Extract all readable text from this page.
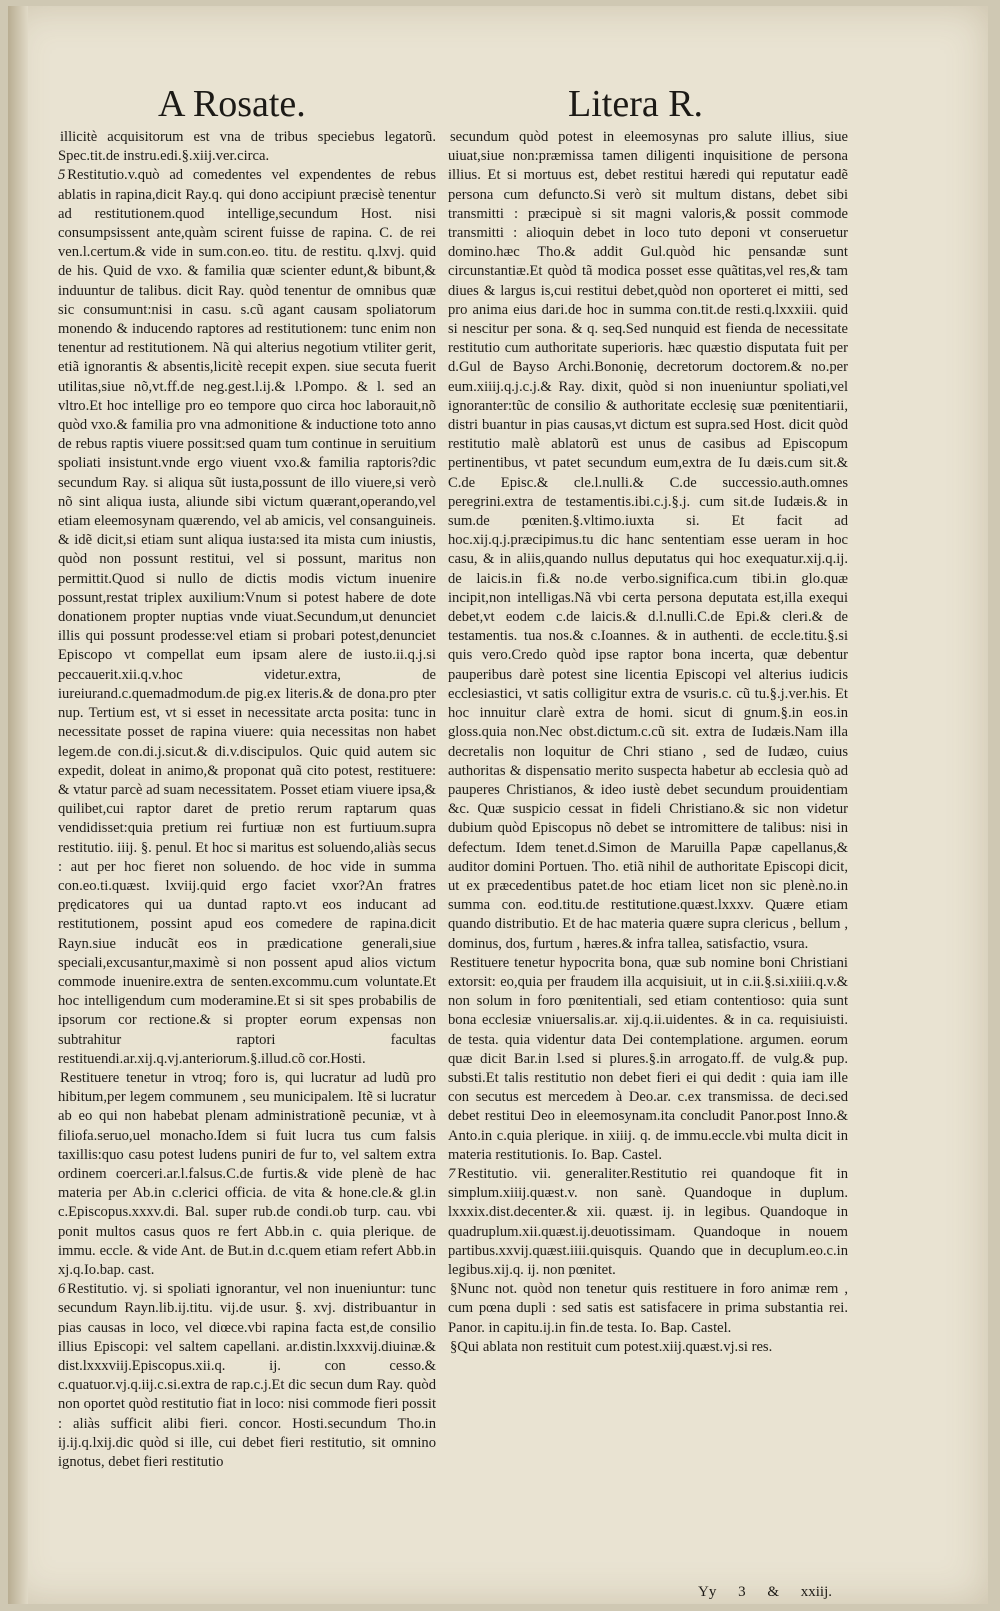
A Rosate.	Litera R.

illicitè acquisitorum est vna de tribus speciebus legatorũ. Spec.tit.de instru.edi.§.xiij.ver.circa.

5 Restitutio.v.quò ad comedentes vel expendentes de rebus ablatis in rapina,dicit Ray.q. qui dono accipiunt præcisè tenentur ad restitutionem.quod intellige,secundum Host. nisi consumpsissent ante,quàm scirent fuisse de rapina. C. de rei ven.l.certum.& vide in sum.con.eo. titu. de restitu. q.lxvj. quid de his. Quid de vxo. & familia quæ scienter edunt,& bibunt,& induuntur de talibus. dicit Ray. quòd tenentur de omnibus quæ sic consumunt:nisi in casu. s.cũ agant causam spoliatorum monendo & inducendo raptores ad restitutionem: tunc enim non tenentur ad restitutionem. Nã qui alterius negotium vtiliter gerit, etiã ignorantis & absentis,licitè recepit expen. siue secuta fuerit utilitas,siue nõ,vt.ff.de neg.gest.l.ij.& l.Pompo. & l. sed an vltro.Et hoc intellige pro eo tempore quo circa hoc laborauit,nõ quòd vxo.& familia pro vna admonitione & inductione toto anno de rebus raptis viuere possit:sed quam tum continue in seruitium spoliati insistunt.vnde ergo viuent vxo.& familia raptoris?dic secundum Ray. si aliqua sũt iusta,possunt de illo viuere,si verò nõ sint aliqua iusta, aliunde sibi victum quærant,operando,vel etiam eleemosynam quærendo, vel ab amicis, vel consanguineis. & idẽ dicit,si etiam sunt aliqua iusta:sed ita mista cum iniustis, quòd non possunt restitui, vel si possunt, maritus non permittit.Quod si nullo de dictis modis victum inuenire possunt,restat triplex auxilium:Vnum si potest habere de dote donationem propter nuptias vnde viuat.Secundum,ut denunciet illis qui possunt prodesse:vel etiam si probari potest,denunciet Episcopo vt compellat eum ipsam alere de iusto.ii.q.j.si peccauerit.xii.q.v.hoc videtur.extra, de iureiurand.c.quemadmodum.de pig.ex literis.& de dona.pro pter nup. Tertium est, vt si esset in necessitate arcta posita: tunc in necessitate posset de rapina viuere: quia necessitas non habet legem.de con.di.j.sicut.& di.v.discipulos. Quic quid autem sic expedit, doleat in animo,& proponat quã cito potest, restituere: & vtatur parcè ad suam necessitatem. Posset etiam viuere ipsa,& quilibet,cui raptor daret de pretio rerum raptarum quas vendidisset:quia pretium rei furtiuæ non est furtiuum.supra restitutio. iiij. §. penul. Et hoc si maritus est soluendo,aliàs secus : aut per hoc fieret non soluendo. de hoc vide in summa con.eo.ti.quæst. lxviij.quid ergo faciet vxor?An fratres prędicatores qui ua duntad rapto.vt eos inducant ad restitutionem, possint apud eos comedere de rapina.dicit Rayn.siue inducãt eos in prædicatione generali,siue speciali,excusantur,maximè si non possent apud alios victum commode inuenire.extra de senten.excommu.cum voluntate.Et hoc intelligendum cum moderamine.Et si sit spes probabilis de ipsorum cor rectione.& si propter eorum expensas non subtrahitur raptori facultas restituendi.ar.xij.q.vj.anteriorum.§.illud.cõ cor.Hosti.

Restituere tenetur in vtroq; foro is, qui lucratur ad ludũ pro hibitum,per legem communem , seu municipalem. Itẽ si lucratur ab eo qui non habebat plenam administrationẽ pecuniæ, vt à filiofa.seruo,uel monacho.Idem si fuit lucra tus cum falsis taxillis:quo casu potest ludens puniri de fur to, vel saltem extra ordinem coerceri.ar.l.falsus.C.de furtis.& vide plenè de hac materia per Ab.in c.clerici officia. de vita & hone.cle.& gl.in c.Episcopus.xxxv.di. Bal. super rub.de condi.ob turp. cau. vbi ponit multos casus quos re fert Abb.in c. quia plerique. de immu. eccle. & vide Ant. de But.in d.c.quem etiam refert Abb.in xj.q.Io.bap. cast.

6 Restitutio. vj. si spoliati ignorantur, vel non inueniuntur: tunc secundum Rayn.lib.ij.titu. vij.de usur. §. xvj. distribuantur in pias causas in loco, vel diœce.vbi rapina facta est,de consilio illius Episcopi: vel saltem capellani. ar.distin.lxxxvij.diuinæ.& dist.lxxxviij.Episcopus.xii.q. ij. con cesso.& c.quatuor.vj.q.iij.c.si.extra de rap.c.j.Et dic secun dum Ray. quòd non oportet quòd restitutio fiat in loco: nisi commode fieri possit : aliàs sufficit alibi fieri. concor. Hosti.secundum Tho.in ij.ij.q.lxij.dic quòd si ille, cui debet fieri restitutio, sit omnino ignotus, debet fieri restitutio

secundum quòd potest in eleemosynas pro salute illius, siue uiuat,siue non:præmissa tamen diligenti inquisitione de persona illius. Et si mortuus est, debet restitui hæredi qui reputatur eadẽ persona cum defuncto.Si verò sit multum distans, debet sibi transmitti : præcipuè si sit magni valoris,& possit commode transmitti : alioquin debet in loco tuto deponi vt conseruetur domino.hæc Tho.& addit Gul.quòd hic pensandæ sunt circunstantiæ.Et quòd tã modica posset esse quãtitas,vel res,& tam diues & largus is,cui restitui debet,quòd non oporteret ei mitti, sed pro anima eius dari.de hoc in summa con.tit.de resti.q.lxxxiii. quid si nescitur per sona. & q. seq.Sed nunquid est fienda de necessitate restitutio cum authoritate superioris. hæc quæstio disputata fuit per d.Gul de Bayso Archi.Bononię, decretorum doctorem.& no.per eum.xiiij.q.j.c.j.& Ray. dixit, quòd si non inueniuntur spoliati,vel ignoranter:tũc de consilio & authoritate ecclesię suæ pœnitentiarii, distri buantur in pias causas,vt dictum est supra.sed Host. dicit quòd restitutio malè ablatorũ est unus de casibus ad Episcopum pertinentibus, vt patet secundum eum,extra de Iu dæis.cum sit.& C.de Episc.& cle.l.nulli.& C.de successio.auth.omnes peregrini.extra de testamentis.ibi.c.j.§.j. cum sit.de Iudæis.& in sum.de pœniten.§.vltimo.iuxta si. Et facit ad hoc.xij.q.j.præcipimus.tu dic hanc sententiam esse ueram in hoc casu, & in aliis,quando nullus deputatus qui hoc exequatur.xij.q.ij. de laicis.in fi.& no.de verbo.significa.cum tibi.in glo.quæ incipit,non intelligas.Nã vbi certa persona deputata est,illa exequi debet,vt eodem c.de laicis.& d.l.nulli.C.de Epi.& cleri.& de testamentis. tua nos.& c.Ioannes. & in authenti. de eccle.titu.§.si quis vero.Credo quòd ipse raptor bona incerta, quæ debentur pauperibus darè potest sine licentia Episcopi vel alterius iudicis ecclesiastici, vt satis colligitur extra de vsuris.c. cũ tu.§.j.ver.his. Et hoc innuitur clarè extra de homi. sicut di gnum.§.in eos.in gloss.quia non.Nec obst.dictum.c.cũ sit. extra de Iudæis.Nam illa decretalis non loquitur de Chri stiano , sed de Iudæo, cuius authoritas & dispensatio merito suspecta habetur ab ecclesia quò ad pauperes Christianos, & ideo iustè debet secundum prouidentiam &c. Quæ suspicio cessat in fideli Christiano.& sic non videtur dubium quòd Episcopus nõ debet se intromittere de talibus: nisi in defectum. Idem tenet.d.Simon de Maruilla Papæ capellanus,& auditor domini Portuen. Tho. etiã nihil de authoritate Episcopi dicit, ut ex præcedentibus patet.de hoc etiam licet non sic plenè.no.in summa con. eod.titu.de restitutione.quæst.lxxxv. Quære etiam quando distributio. Et de hac materia quære supra clericus , bellum , dominus, dos, furtum , hæres.& infra tallea, satisfactio, vsura.

Restituere tenetur hypocrita bona, quæ sub nomine boni Christiani extorsit: eo,quia per fraudem illa acquisiuit, ut in c.ii.§.si.xiiii.q.v.& non solum in foro pœnitentiali, sed etiam contentioso: quia sunt bona ecclesiæ vniuersalis.ar. xij.q.ii.uidentes. & in ca. requisiuisti. de testa. quia videntur data Dei contemplatione. argumen. eorum quæ dicit Bar.in l.sed si plures.§.in arrogato.ff. de vulg.& pup. substi.Et talis restitutio non debet fieri ei qui dedit : quia iam ille con secutus est mercedem à Deo.ar. c.ex transmissa. de deci.sed debet restitui Deo in eleemosynam.ita concludit Panor.post Inno.& Anto.in c.quia plerique. in xiiij. q. de immu.eccle.vbi multa dicit in materia restitutionis. Io. Bap. Castel.

7 Restitutio. vii. generaliter.Restitutio rei quandoque fit in simplum.xiiij.quæst.v. non sanè. Quandoque in duplum. lxxxix.dist.decenter.& xii. quæst. ij. in legibus. Quandoque in quadruplum.xii.quæst.ij.deuotissimam. Quandoque in nouem partibus.xxvij.quæst.iiii.quisquis. Quando que in decuplum.eo.c.in legibus.xij.q. ij. non pœnitet.

§Nunc not. quòd non tenetur quis restituere in foro animæ rem , cum pœna dupli : sed satis est satisfacere in prima substantia rei. Panor. in capitu.ij.in fin.de testa. Io. Bap. Castel.

§Qui ablata non restituit cum potest.xiij.quæst.vj.si res.

Yy 3 & xxiij.
